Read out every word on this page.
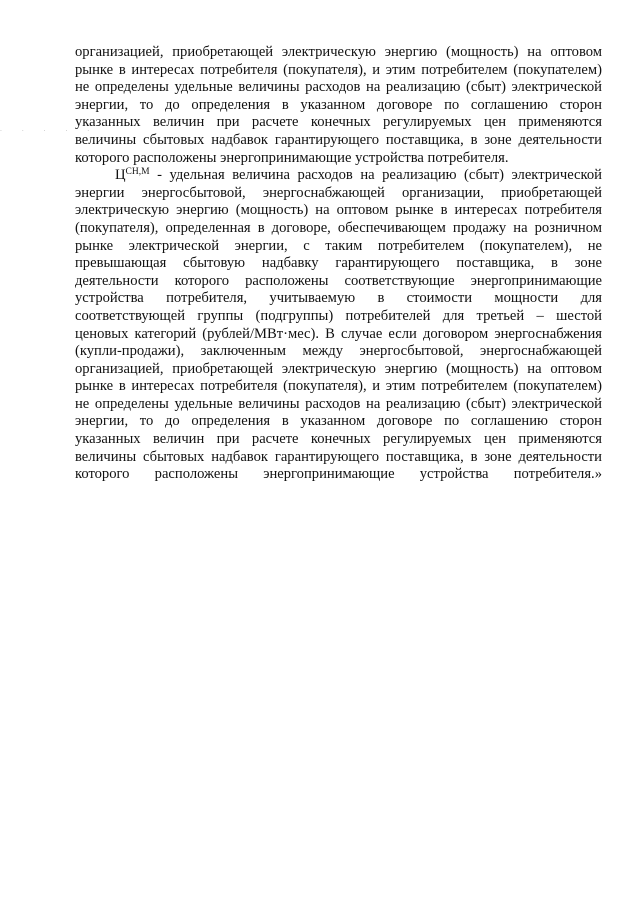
· · · · ·
организацией, приобретающей электрическую энергию (мощность) на оптовом
рынке в интересах потребителя (покупателя), и этим потребителем (покупателем)
не определены удельные величины расходов на реализацию (сбыт) электрической
энергии, то до определения в указанном договоре по соглашению сторон
указанных величин при расчете конечных регулируемых цен применяются
величины сбытовых надбавок гарантирующего поставщика, в зоне деятельности
которого расположены энергопринимающие устройства потребителя.
$Ц^{СН,М}$ - удельная величина расходов на реализацию (сбыт) электрической
энергии энергосбытовой, энергоснабжающей организации, приобретающей
электрическую энергию (мощность) на оптовом рынке в интересах потребителя
(покупателя), определенная в договоре, обеспечивающем продажу на розничном
рынке электрической энергии, с таким потребителем (покупателем), не
превышающая сбытовую надбавку гарантирующего поставщика, в зоне
деятельности которого расположены соответствующие энергопринимающие
устройства потребителя, учитываемую в стоимости мощности для
соответствующей группы (подгруппы) потребителей для третьей – шестой
ценовых категорий (рублей/МВт·мес). В случае если договором энергоснабжения
(купли-продажи), заключенным между энергосбытовой, энергоснабжающей
организацией, приобретающей электрическую энергию (мощность) на оптовом
рынке в интересах потребителя (покупателя), и этим потребителем (покупателем)
не определены удельные величины расходов на реализацию (сбыт) электрической
энергии, то до определения в указанном договоре по соглашению сторон
указанных величин при расчете конечных регулируемых цен применяются
величины сбытовых надбавок гарантирующего поставщика, в зоне деятельности
которого расположены энергопринимающие устройства потребителя.»
